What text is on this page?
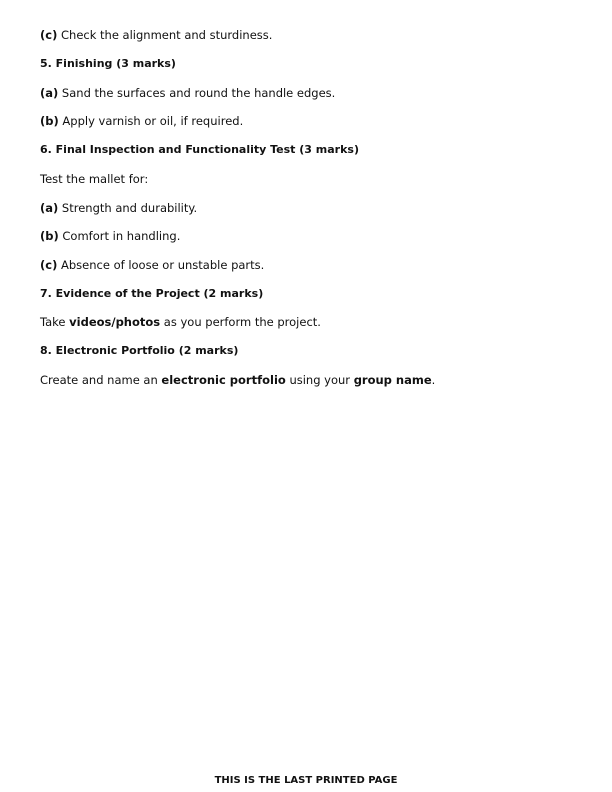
(c) Check the alignment and sturdiness.
5. Finishing (3 marks)
(a) Sand the surfaces and round the handle edges.
(b) Apply varnish or oil, if required.
6. Final Inspection and Functionality Test (3 marks)
Test the mallet for:
(a) Strength and durability.
(b) Comfort in handling.
(c) Absence of loose or unstable parts.
7. Evidence of the Project (2 marks)
Take videos/photos as you perform the project.
8. Electronic Portfolio (2 marks)
Create and name an electronic portfolio using your group name.
THIS IS THE LAST PRINTED PAGE
